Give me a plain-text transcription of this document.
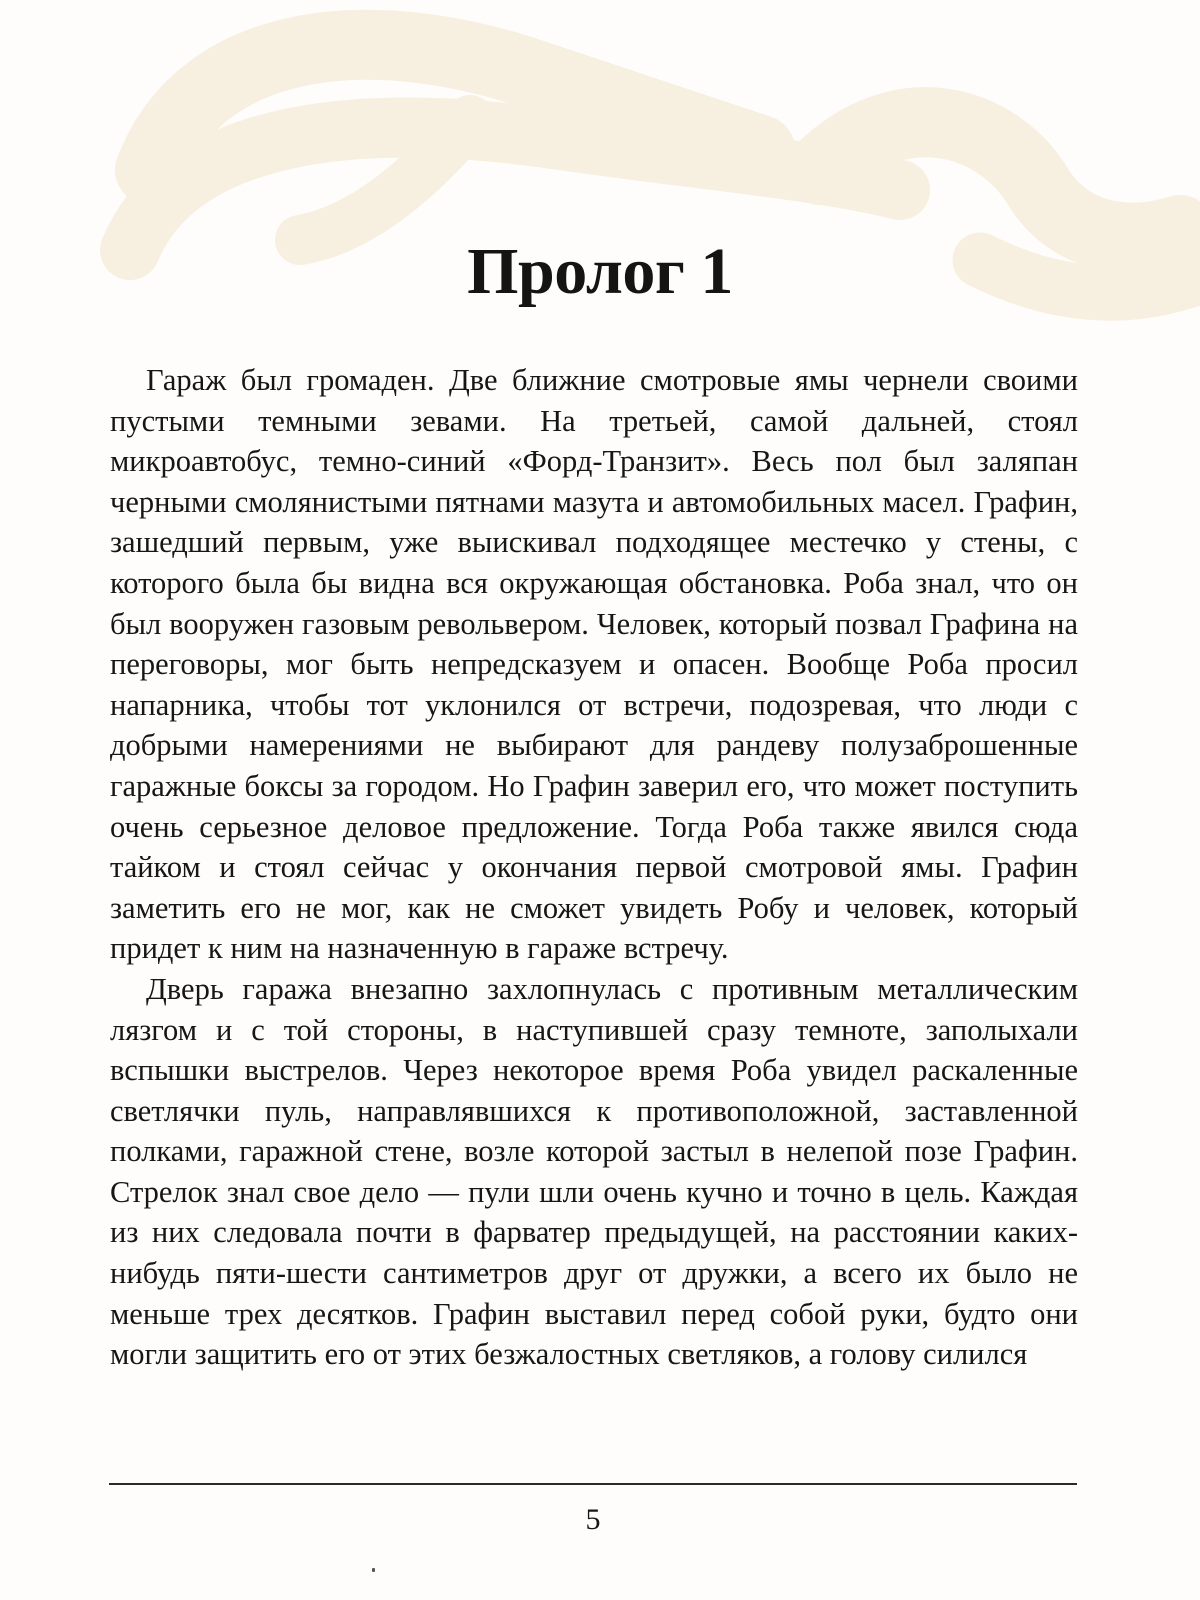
Пролог 1

Гараж был громаден. Две ближние смотровые ямы чернели своими пустыми темными зевами. На третьей, самой дальней, стоял микроавтобус, темно-синий «Форд-Транзит». Весь пол был заляпан черными смолянистыми пятнами мазута и автомобильных масел. Графин, зашедший первым, уже выискивал подходящее местечко у стены, с которого была бы видна вся окружающая обстановка. Роба знал, что он был вооружен газовым револьвером. Человек, который позвал Графина на переговоры, мог быть непредсказуем и опасен. Вообще Роба просил напарника, чтобы тот уклонился от встречи, подозревая, что люди с добрыми намерениями не выбирают для рандеву полузаброшенные гаражные боксы за городом. Но Графин заверил его, что может поступить очень серьезное деловое предложение. Тогда Роба также явился сюда тайком и стоял сейчас у окончания первой смотровой ямы. Графин заметить его не мог, как не сможет увидеть Робу и человек, который придет к ним на назначенную в гараже встречу.

Дверь гаража внезапно захлопнулась с противным металлическим лязгом и с той стороны, в наступившей сразу темноте, заполыхали вспышки выстрелов. Через некоторое время Роба увидел раскаленные светлячки пуль, направлявшихся к противоположной, заставленной полками, гаражной стене, возле которой застыл в нелепой позе Графин. Стрелок знал свое дело — пули шли очень кучно и точно в цель. Каждая из них следовала почти в фарватер предыдущей, на расстоянии каких-нибудь пяти-шести сантиметров друг от дружки, а всего их было не меньше трех десятков. Графин выставил перед собой руки, будто они могли защитить его от этих безжалостных светляков, а голову силился

5
